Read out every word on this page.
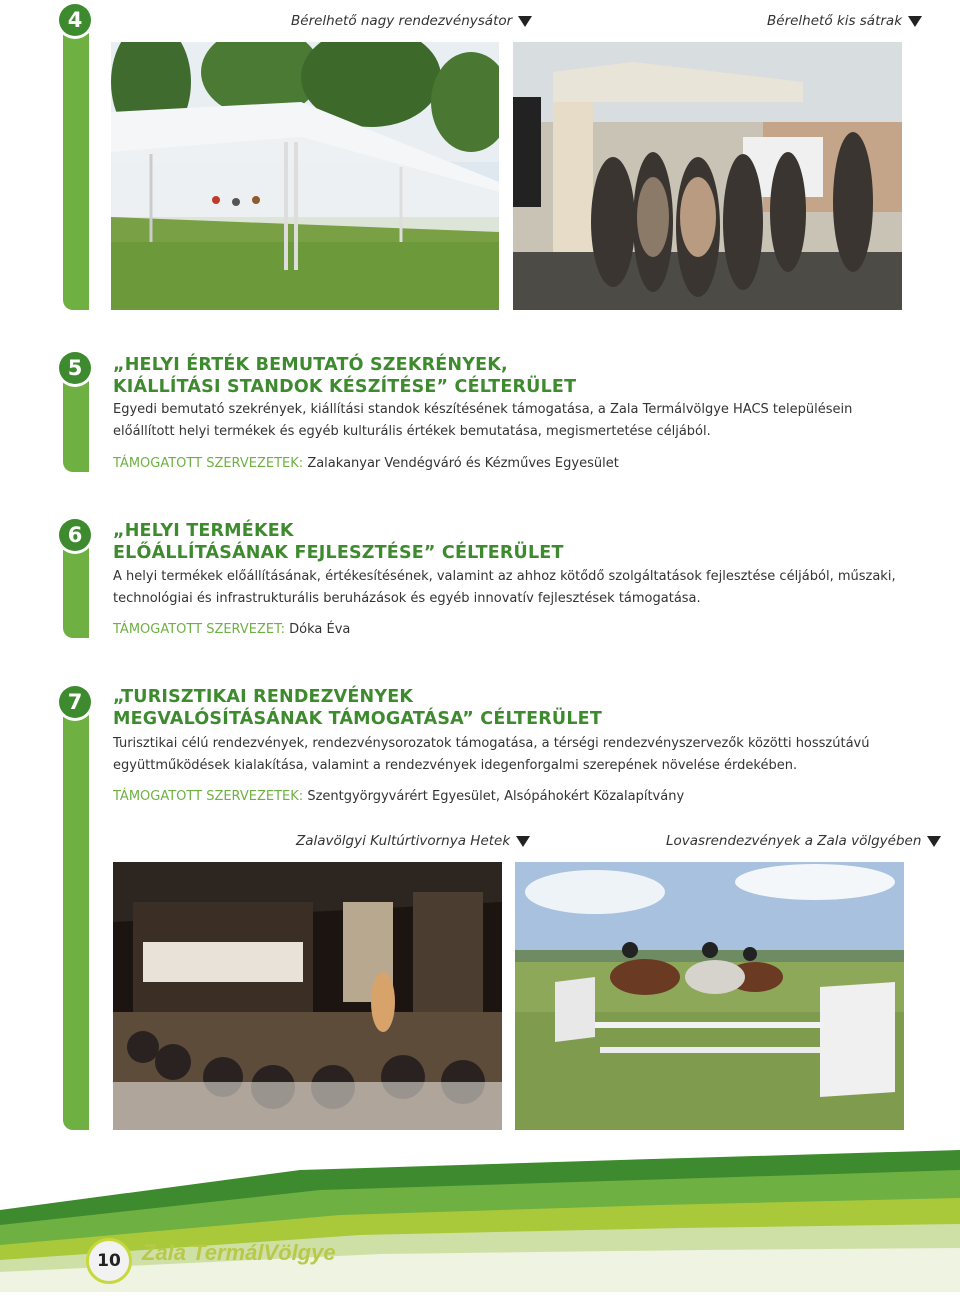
4	Bérelhető nagy rendezvénysátor	Bérelhető kis sátrak
5	„HELYI ÉRTÉK BEMUTATÓ SZEKRÉNYEK,
KIÁLLÍTÁSI STANDOK KÉSZÍTÉSE” CÉLTERÜLET

Egyedi bemutató szekrények, kiállítási standok készítésének támogatása, a Zala Termálvölgye HACS településein előállított helyi termékek és egyéb kulturális értékek bemutatása, megismertetése céljából.

TÁMOGATOTT SZERVEZETEK: Zalakanyar Vendégváró és Kézműves Egyesület
6	„HELYI TERMÉKEK
ELŐÁLLÍTÁSÁNAK FEJLESZTÉSE” CÉLTERÜLET

A helyi termékek előállításának, értékesítésének, valamint az ahhoz kötődő szolgáltatások fejlesztése céljából, műszaki, technológiai és infrastrukturális beruházások és egyéb innovatív fejlesztések támogatása.

TÁMOGATOTT SZERVEZET: Dóka Éva
7	„TURISZTIKAI RENDEZVÉNYEK
MEGVALÓSÍTÁSÁNAK TÁMOGATÁSA” CÉLTERÜLET

Turisztikai célú rendezvények, rendezvénysorozatok támogatása, a térségi rendezvényszervezők közötti hosszútávú együttműködések kialakítása, valamint a rendezvények idegenforgalmi szerepének növelése érdekében.

TÁMOGATOTT SZERVEZETEK: Szentgyörgyvárért Egyesület, Alsópáhokért Közalapítvány
Zalavölgyi Kultúrtivornya Hetek	Lovasrendezvények a Zala völgyében
10 Zala TermálVölgye
